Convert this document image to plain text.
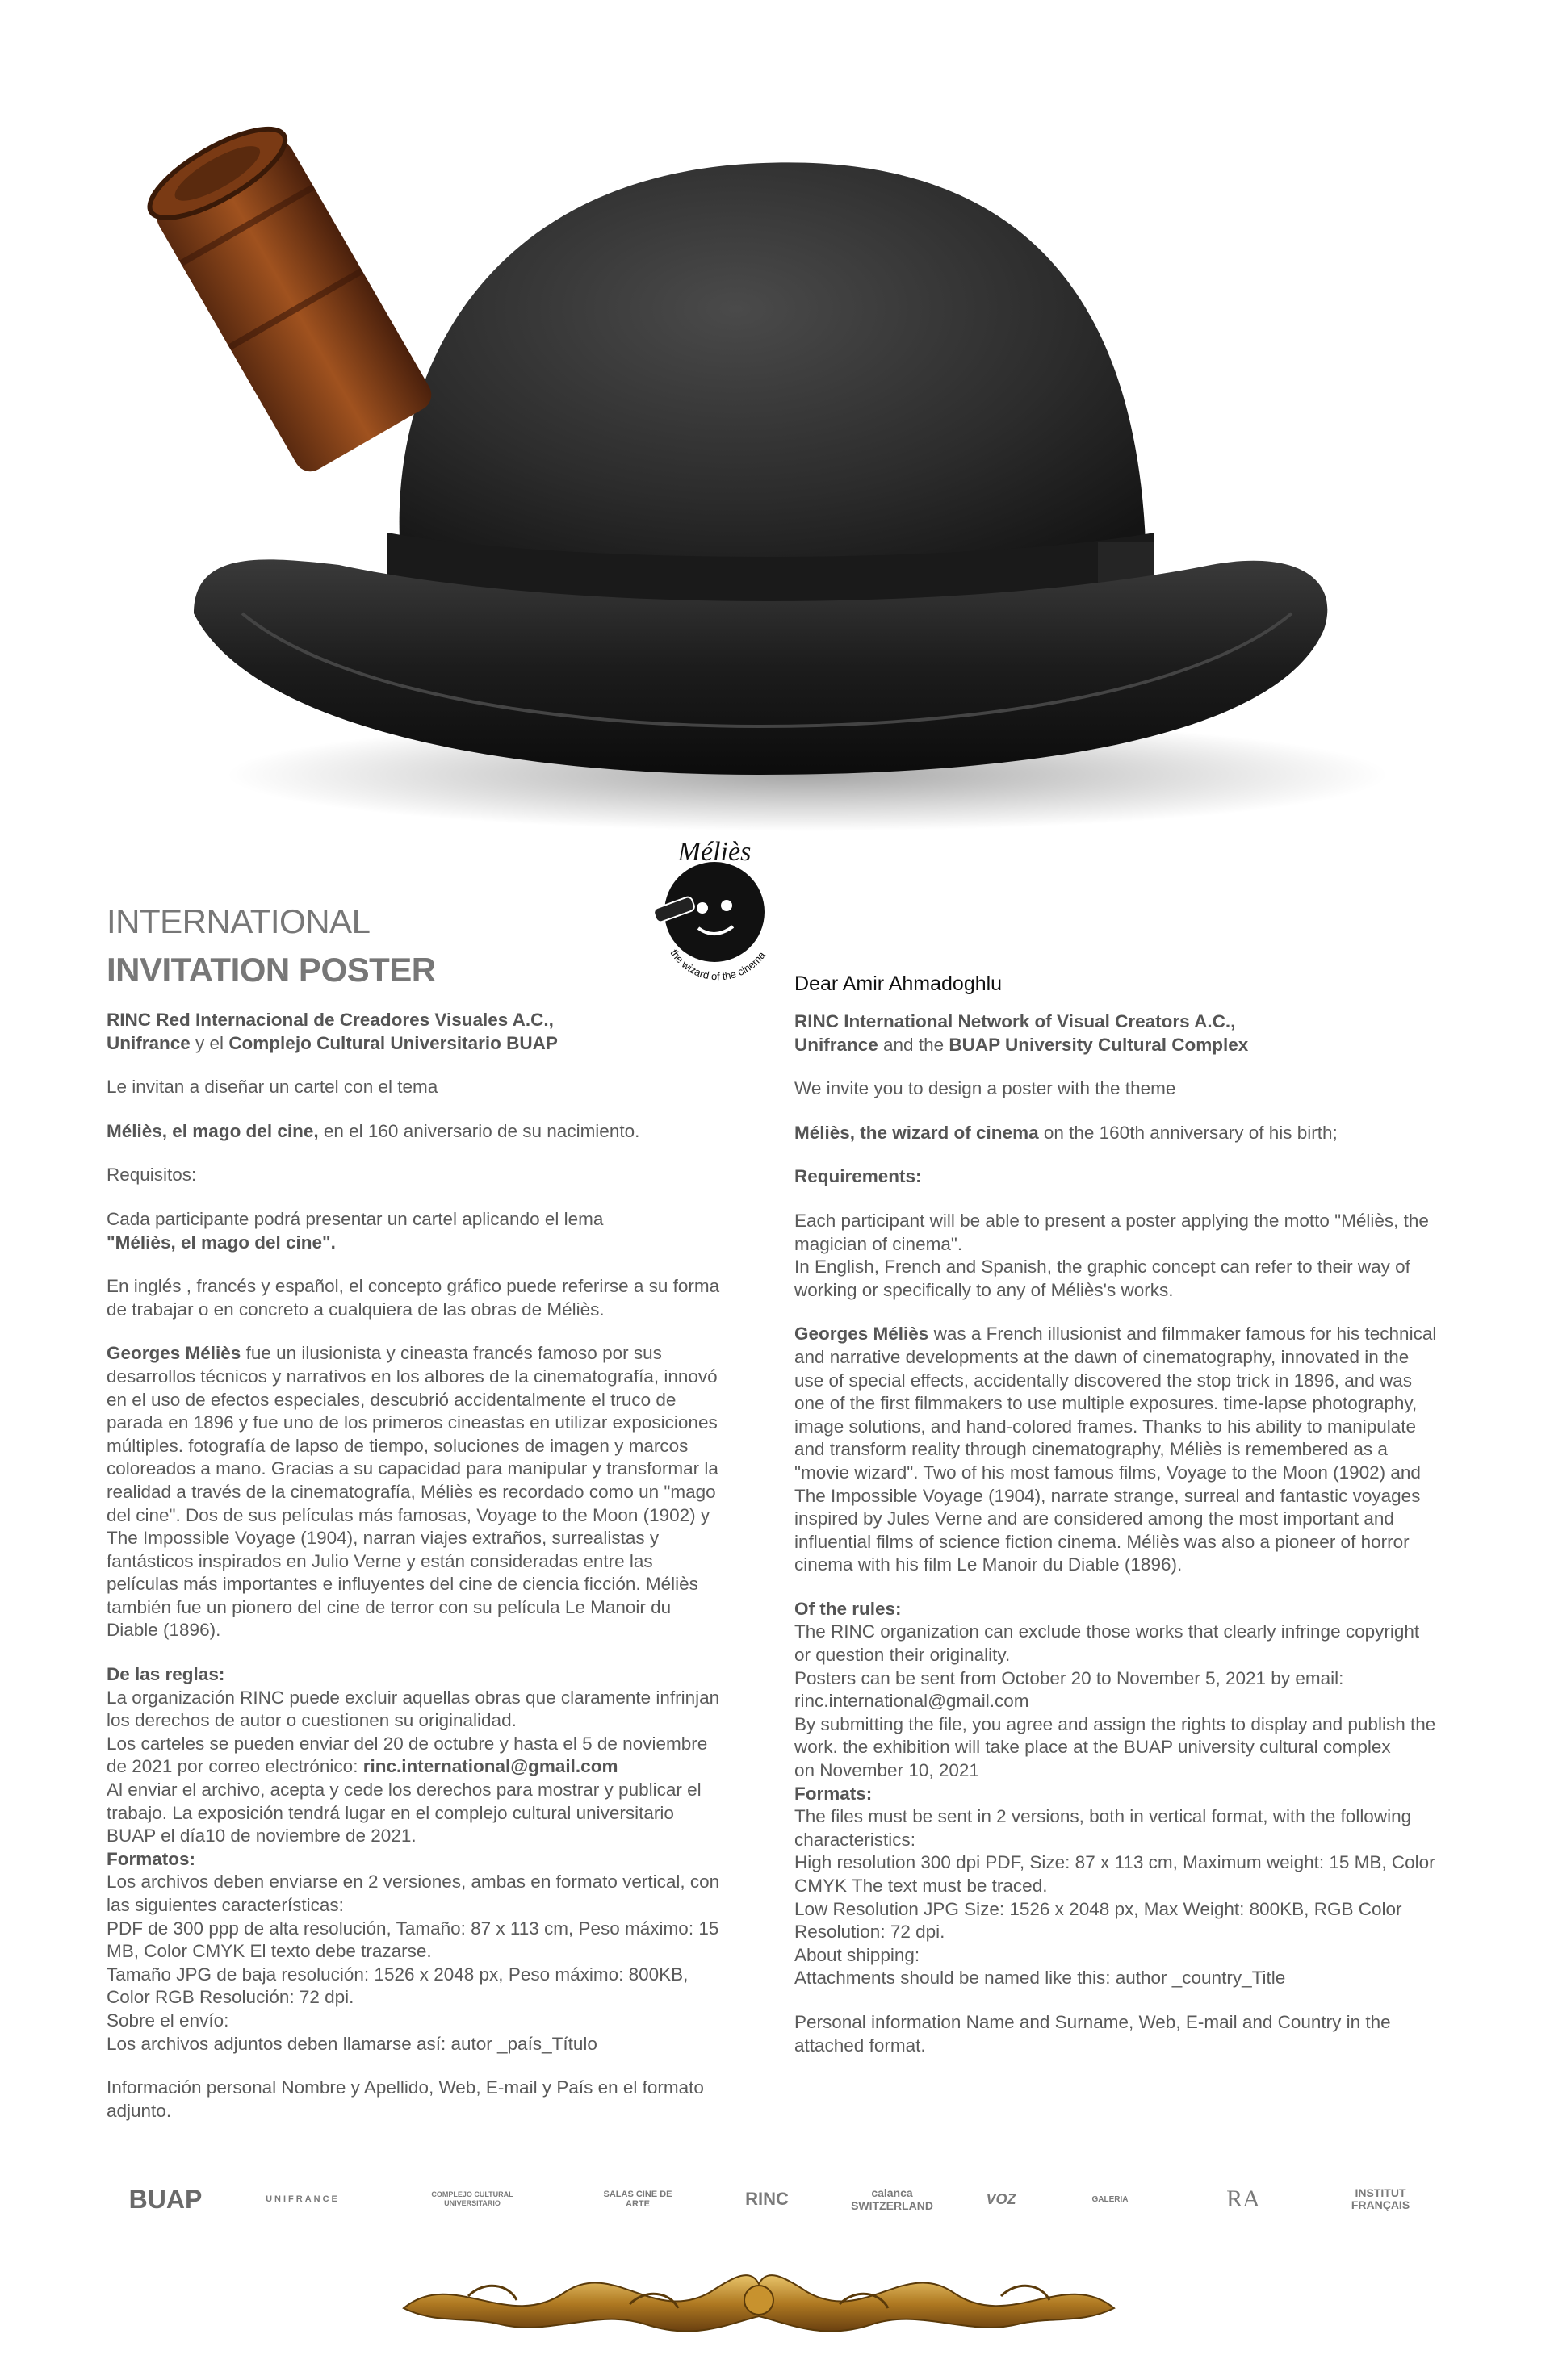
Méliès
the wizard of the cinema
INTERNATIONAL
INVITATION POSTER	Dear Amir Ahmadoghlu

RINC Red Internacional de Creadores Visuales A.C.,
Unifrance y el Complejo Cultural Universitario BUAP

Le invitan a diseñar un cartel con el tema

Méliès, el mago del cine, en el 160 aniversario de su nacimiento.

Requisitos:

Cada participante podrá presentar un cartel aplicando el lema
"Méliès, el mago del cine".

En inglés , francés y español, el concepto gráfico puede referirse a su forma de trabajar o en concreto a cualquiera de las obras de Méliès.

Georges Méliès fue un ilusionista y cineasta francés famoso por sus desarrollos técnicos y narrativos en los albores de la cinematografía, innovó en el uso de efectos especiales, descubrió accidentalmente el truco de parada en 1896 y fue uno de los primeros cineastas en utilizar exposiciones múltiples. fotografía de lapso de tiempo, soluciones de imagen y marcos coloreados a mano. Gracias a su capacidad para manipular y transformar la realidad a través de la cinematografía, Méliès es recordado como un "mago del cine". Dos de sus películas más famosas, Voyage to the Moon (1902) y The Impossible Voyage (1904), narran viajes extraños, surrealistas y fantásticos inspirados en Julio Verne y están consideradas entre las películas más importantes e influyentes del cine de ciencia ficción. Méliès también fue un pionero del cine de terror con su película Le Manoir du Diable (1896).

De las reglas:

La organización RINC puede excluir aquellas obras que claramente infrinjan los derechos de autor o cuestionen su originalidad.

Los carteles se pueden enviar del 20 de octubre y hasta el 5 de noviembre de 2021 por correo electrónico: rinc.international@gmail.com

Al enviar el archivo, acepta y cede los derechos para mostrar y publicar el trabajo. La exposición tendrá lugar en el complejo cultural universitario BUAP el día10 de noviembre de 2021.

Formatos:

Los archivos deben enviarse en 2 versiones, ambas en formato vertical, con las siguientes características:

PDF de 300 ppp de alta resolución, Tamaño: 87 x 113 cm, Peso máximo: 15 MB, Color CMYK El texto debe trazarse.

Tamaño JPG de baja resolución: 1526 x 2048 px, Peso máximo: 800KB, Color RGB Resolución: 72 dpi.

Sobre el envío:

Los archivos adjuntos deben llamarse así: autor _país_Título

Información personal Nombre y Apellido, Web, E-mail y País en el formato adjunto.

RINC International Network of Visual Creators A.C.,
Unifrance and the BUAP University Cultural Complex

We invite you to design a poster with the theme

Méliès, the wizard of cinema on the 160th anniversary of his birth;

Requirements:

Each participant will be able to present a poster applying the motto "Méliès, the magician of cinema".

In English, French and Spanish, the graphic concept can refer to their way of working or specifically to any of Méliès's works.

Georges Méliès was a French illusionist and filmmaker famous for his technical and narrative developments at the dawn of cinematography, innovated in the use of special effects, accidentally discovered the stop trick in 1896, and was one of the first filmmakers to use multiple exposures. time-lapse photography, image solutions, and hand-colored frames. Thanks to his ability to manipulate and transform reality through cinematography, Méliès is remembered as a "movie wizard". Two of his most famous films, Voyage to the Moon (1902) and The Impossible Voyage (1904), narrate strange, surreal and fantastic voyages inspired by Jules Verne and are considered among the most important and influential films of science fiction cinema. Méliès was also a pioneer of horror cinema with his film Le Manoir du Diable (1896).

Of the rules:

The RINC organization can exclude those works that clearly infringe copyright or question their originality.

Posters can be sent from October 20 to November 5, 2021 by email: rinc.international@gmail.com

By submitting the file, you agree and assign the rights to display and publish the work. the exhibition will take place at the BUAP university cultural complex

on November 10, 2021

Formats:

The files must be sent in 2 versions, both in vertical format, with the following characteristics:

High resolution 300 dpi PDF, Size: 87 x 113 cm, Maximum weight: 15 MB, Color CMYK The text must be traced.

Low Resolution JPG Size: 1526 x 2048 px, Max Weight: 800KB, RGB Color Resolution: 72 dpi.

About shipping:

Attachments should be named like this: author _country_Title

Personal information Name and Surname, Web, E-mail and Country in the attached format.

BUAP	UNIFRANCE	COMPLEJO CULTURAL UNIVERSITARIO
SALAS CINE DE ARTE	RINC	calanca SWITZERLAND	VOZ	GALERIA	RA	INSTITUT FRANÇAIS
